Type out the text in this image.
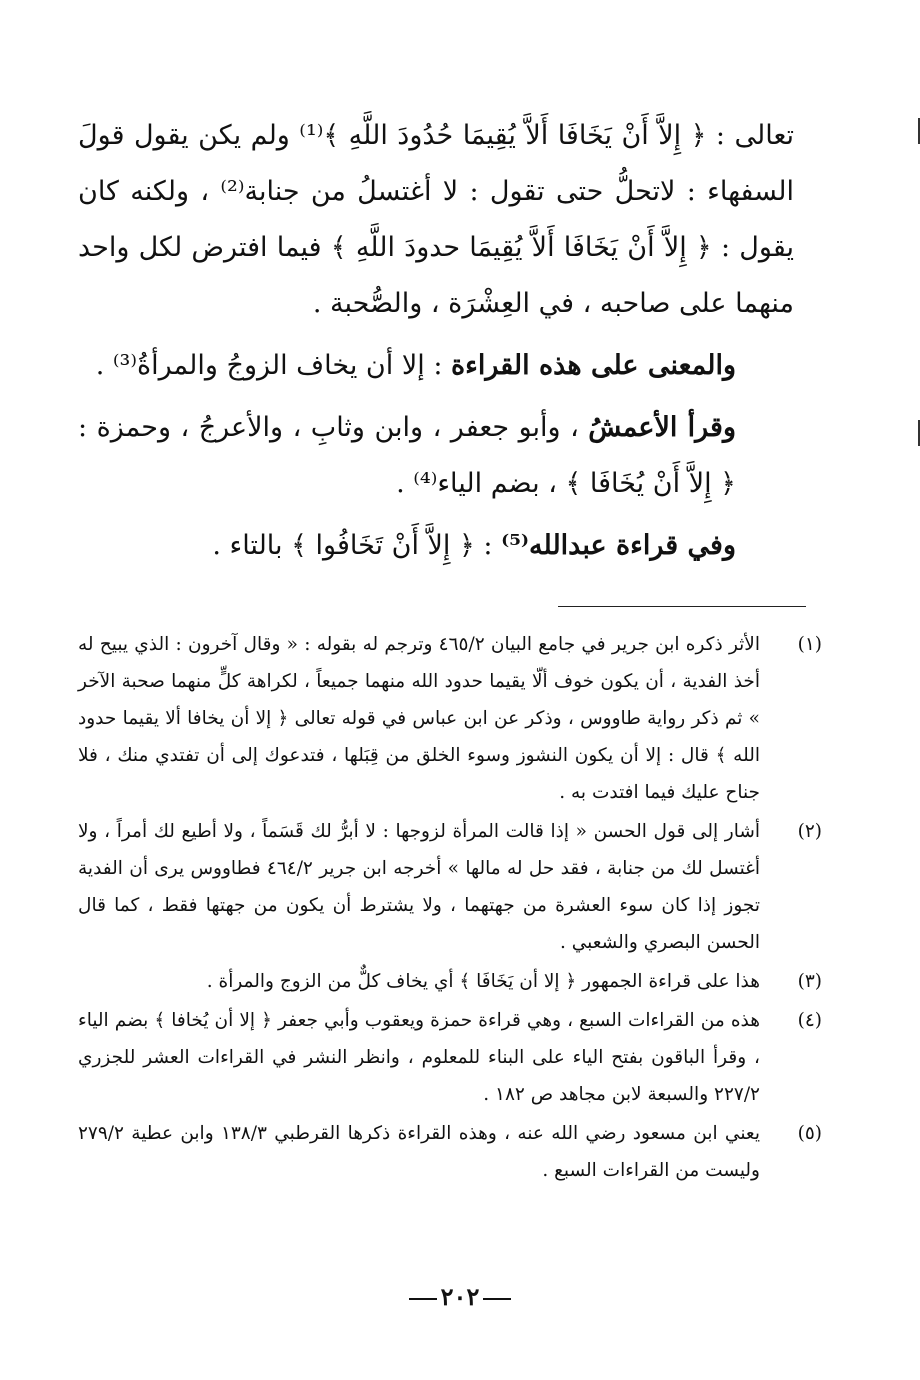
تعالى : ﴿ إِلاَّ أَنْ يَخَافَا أَلاَّ يُقِيمَا حُدُودَ اللَّهِ ﴾⁽¹⁾ ولم يكن يقول قولَ السفهاء : لاتحلُّ حتى تقول : لا أغتسلُ من جنابة⁽²⁾ ، ولكنه كان يقول : ﴿ إِلاَّ أَنْ يَخَافَا أَلاَّ يُقِيمَا حدودَ اللَّهِ ﴾ فيما افترض لكل واحد منهما على صاحبه ، في العِشْرَة ، والصُّحبة .

والمعنى على هذه القراءة : إلا أن يخاف الزوجُ والمرأةُ⁽³⁾ .

وقرأ الأعمشُ ، وأبو جعفر ، وابن وثابِ ، والأعرجُ ، وحمزة : ﴿ إِلاَّ أَنْ يُخَافَا ﴾ ، بضم الياء⁽⁴⁾ .

وفي قراءة عبدالله⁽⁵⁾ : ﴿ إِلاَّ أَنْ تَخَافُوا ﴾ بالتاء .

(١)
الأثر ذكره ابن جرير في جامع البيان ٤٦٥/٢ وترجم له بقوله : « وقال آخرون : الذي يبيح له أخذ الفدية ، أن يكون خوف ألّا يقيما حدود الله منهما جميعاً ، لكراهة كلٍّ منهما صحبة الآخر » ثم ذكر رواية طاووس ، وذكر عن ابن عباس في قوله تعالى ﴿ إلا أن يخافا ألا يقيما حدود الله ﴾ قال : إلا أن يكون النشوز وسوء الخلق من قِبَلها ، فتدعوك إلى أن تفتدي منك ، فلا جناح عليك فيما افتدت به .
(٢)
أشار إلى قول الحسن « إذا قالت المرأة لزوجها : لا أبرُّ لك قَسَماً ، ولا أطيع لك أمراً ، ولا أغتسل لك من جنابة ، فقد حل له مالها » أخرجه ابن جرير ٤٦٤/٢ فطاووس يرى أن الفدية تجوز إذا كان سوء العشرة من جهتهما ، ولا يشترط أن يكون من جهتها فقط ، كما قال الحسن البصري والشعبي .
(٣)
هذا على قراءة الجمهور ﴿ إلا أن يَخَافَا ﴾ أي يخاف كلٌّ من الزوج والمرأة .
(٤)
هذه من القراءات السبع ، وهي قراءة حمزة ويعقوب وأبي جعفر ﴿ إلا أن يُخافا ﴾ بضم الياء ، وقرأ الباقون بفتح الياء على البناء للمعلوم ، وانظر النشر في القراءات العشر للجزري ٢٢٧/٢ والسبعة لابن مجاهد ص ١٨٢ .
(٥)
يعني ابن مسعود رضي الله عنه ، وهذه القراءة ذكرها القرطبي ١٣٨/٣ وابن عطية ٢٧٩/٢ وليست من القراءات السبع .
٢٠٢
